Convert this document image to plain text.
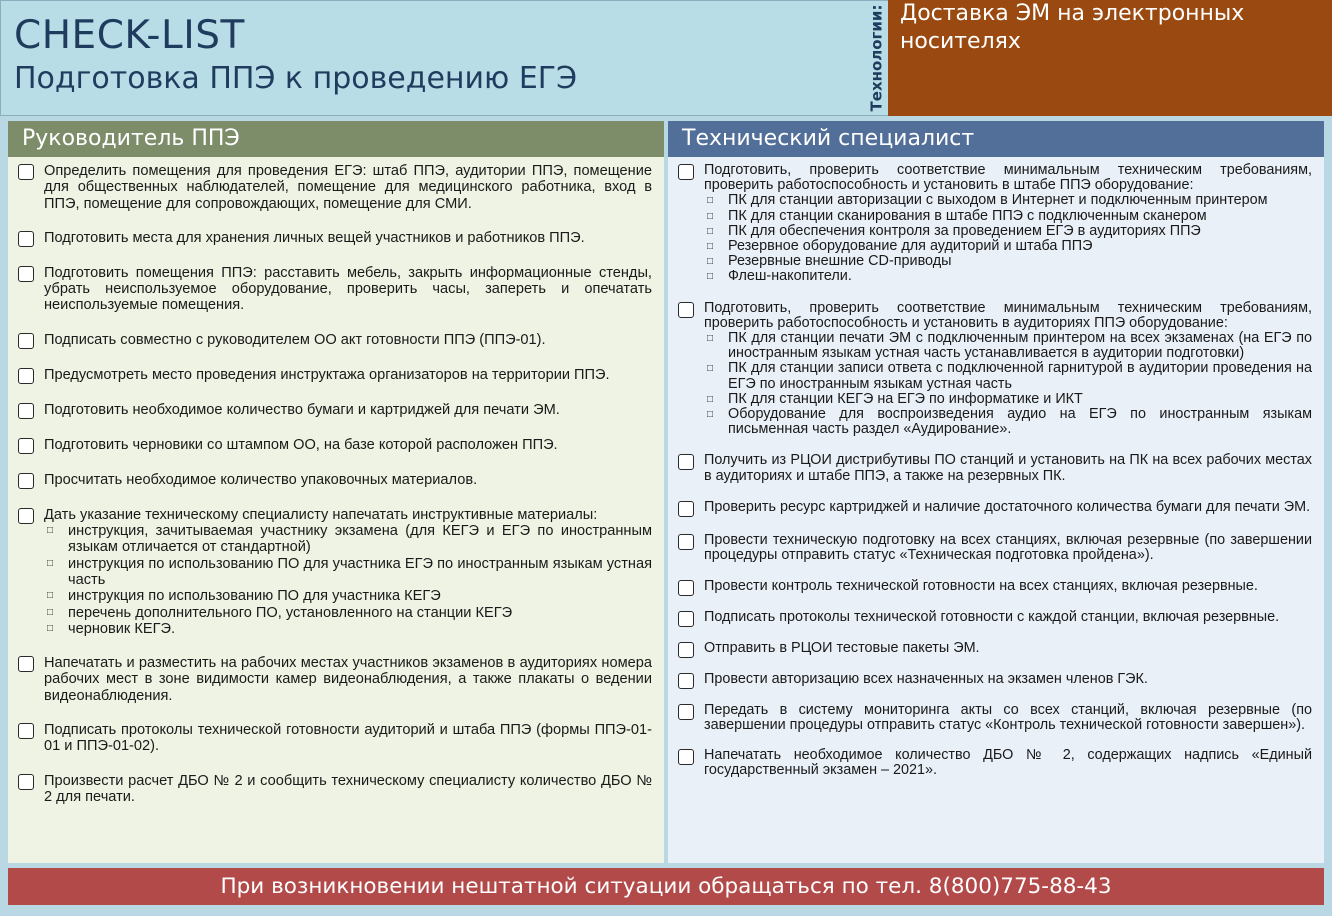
CHECK-LIST
Подготовка ППЭ к проведению ЕГЭ	Технологии: Доставка ЭМ на электронных
носителях
Руководитель ППЭ
Определить помещения для проведения ЕГЭ: штаб ППЭ, аудитории ППЭ, помещение для общественных наблюдателей, помещение для медицинского работника, вход в ППЭ, помещение для сопровождающих, помещение для СМИ.
Подготовить места для хранения личных вещей участников и работников ППЭ.
Подготовить помещения ППЭ: расставить мебель, закрыть информационные стенды, убрать неиспользуемое оборудование, проверить часы, запереть и опечатать неиспользуемые помещения.
Подписать совместно с руководителем ОО акт готовности ППЭ (ППЭ-01).
Предусмотреть место проведения инструктажа организаторов на территории ППЭ.
Подготовить необходимое количество бумаги и картриджей для печати ЭМ.
Подготовить черновики со штампом ОО, на базе которой расположен ППЭ.
Просчитать необходимое количество упаковочных материалов.
Дать указание техническому специалисту напечатать инструктивные материалы:
□	инструкция, зачитываемая участнику экзамена (для КЕГЭ и ЕГЭ по иностранным языкам отличается от стандартной)
□	инструкция по использованию ПО для участника ЕГЭ по иностранным языкам устная часть
□	инструкция по использованию ПО для участника КЕГЭ
□	перечень дополнительного ПО, установленного на станции КЕГЭ
□	черновик КЕГЭ.
Напечатать и разместить на рабочих местах участников экзаменов в аудиториях номера рабочих мест в зоне видимости камер видеонаблюдения, а также плакаты о ведении видеонаблюдения.
Подписать протоколы технической готовности аудиторий и штаба ППЭ (формы ППЭ-01-01 и ППЭ-01-02).
Произвести расчет ДБО № 2 и сообщить техническому специалисту количество ДБО № 2 для печати.
Технический специалист
Подготовить, проверить соответствие минимальным техническим требованиям, проверить работоспособность и установить в штабе ППЭ оборудование:
□	ПК для станции авторизации с выходом в Интернет и подключенным принтером
□	ПК для станции сканирования в штабе ППЭ с подключенным сканером
□	ПК для обеспечения контроля за проведением ЕГЭ в аудиториях ППЭ
□	Резервное оборудование для аудиторий и штаба ППЭ
□	Резервные внешние CD-приводы
□	Флеш-накопители.
Подготовить, проверить соответствие минимальным техническим требованиям, проверить работоспособность и установить в аудиториях ППЭ оборудование:
□	ПК для станции печати ЭМ с подключенным принтером на всех экзаменах (на ЕГЭ по иностранным языкам устная часть устанавливается в аудитории подготовки)
□	ПК для станции записи ответа с подключенной гарнитурой в аудитории проведения на ЕГЭ по иностранным языкам устная часть
□	ПК для станции КЕГЭ на ЕГЭ по информатике и ИКТ
□	Оборудование для воспроизведения аудио на ЕГЭ по иностранным языкам письменная часть раздел «Аудирование».
Получить из РЦОИ дистрибутивы ПО станций и установить на ПК на всех рабочих местах в аудиториях и штабе ППЭ, а также на резервных ПК.
Проверить ресурс картриджей и наличие достаточного количества бумаги для печати ЭМ.
Провести техническую подготовку на всех станциях, включая резервные (по завершении процедуры отправить статус «Техническая подготовка пройдена»).
Провести контроль технической готовности на всех станциях, включая резервные.
Подписать протоколы технической готовности с каждой станции, включая резервные.
Отправить в РЦОИ тестовые пакеты ЭМ.
Провести авторизацию всех назначенных на экзамен членов ГЭК.
Передать в систему мониторинга акты со всех станций, включая резервные (по завершении процедуры отправить статус «Контроль технической готовности завершен»).
Напечатать необходимое количество ДБО № 2, содержащих надпись «Единый государственный экзамен – 2021».
При возникновении нештатной ситуации обращаться по тел. 8(800)775-88-43
